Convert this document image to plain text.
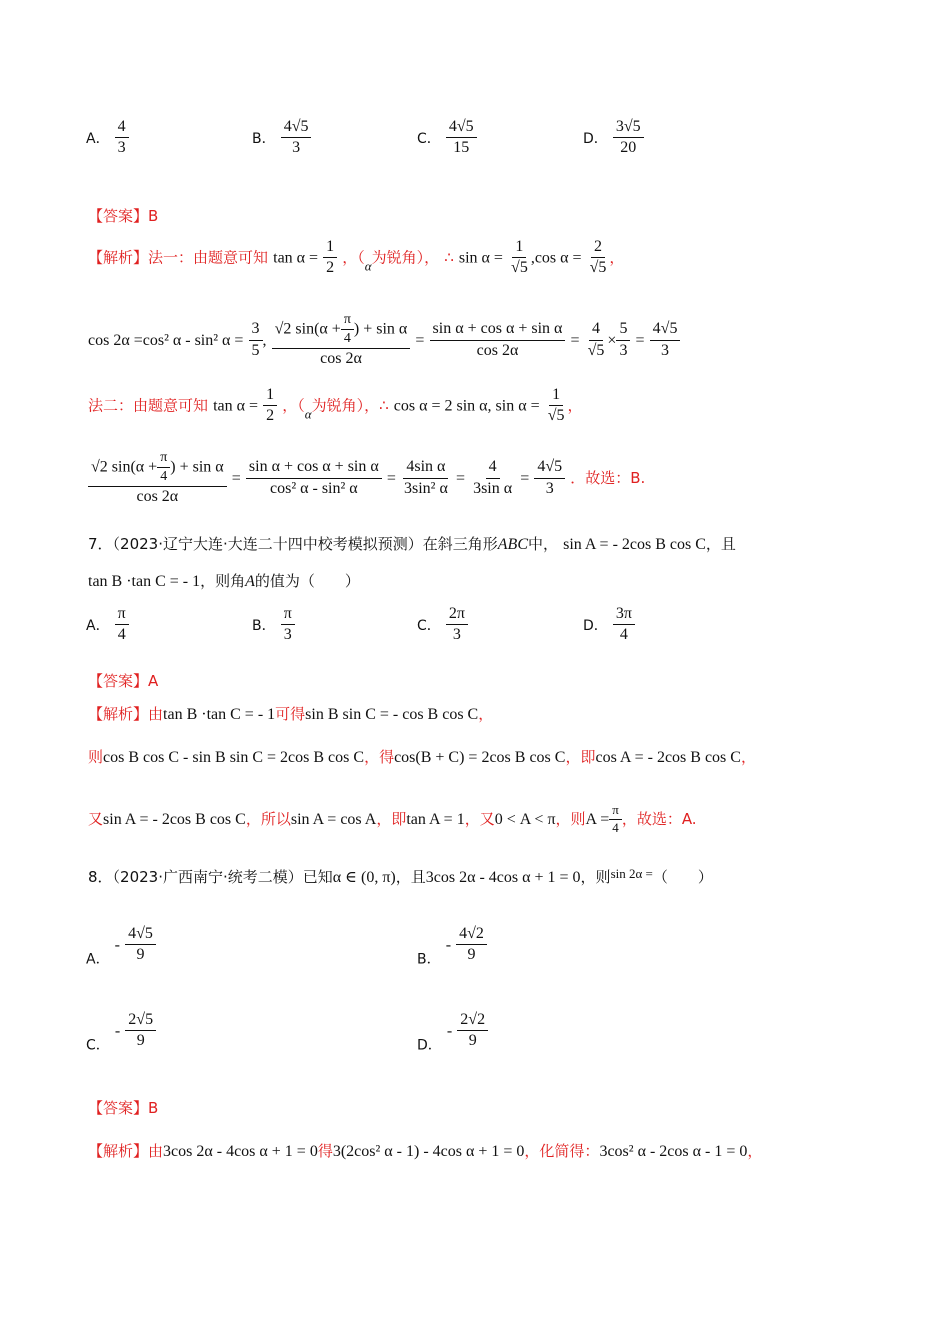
A． $\frac{4}{3}$	B． $\frac{4√5}{3}$	C． $\frac{4√5}{15}$	D． $\frac{3√5}{20}$
【答案】B
【解析】法一：由题意可知 $\tan \alpha = \frac{1}{2}$ ，（$_\alpha$为锐角）， ∴ $\sin \alpha = \frac{1}{√5} ,\cos$ $\alpha = \frac{2}{√5}$ ，
cos 2α =cos² α - sin² $\alpha = \frac{3}{5}$ , $\frac{√2 \sin(\alpha + \frac{\pi}{4} ) + \sin \alpha}{\cos 2\alpha} = \frac{\text{sin α + cos α + sin α}}{\cos 2\alpha} = \frac{4}{√5} \times \frac{5}{3} = \frac{4√5}{3}$
法二：由题意可知 $\tan \alpha = \frac{1}{2}$ ，（$_\alpha$为锐角），∴ cos α = 2 sin α, $\sin \alpha = \frac{1}{√5}$ ，
$\frac{√2 \sin(\alpha + \frac{\pi}{4} ) + \sin \alpha}{\cos 2\alpha} = \frac{\text{sin α + cos α + sin α}}{\text{cos² α - sin² α}} = \frac{\text{4sin α}}{\text{3sin² α}} = \frac{4}{\text{3sin α}} = \frac{4√5}{3}$ ．故选：B.
7．（2023·辽宁大连·大连二十四中校考模拟预测）在斜三角形ABC中， sin A = - 2cos B cos C，且
tan B ·tan C = - 1，则角A的值为（　　）
A． $\frac{\pi}{4}$	B． $\frac{\pi}{3}$	C． $\frac{2\pi}{3}$	D． $\frac{3\pi}{4}$
【答案】A
【解析】由tan B ·tan C = - 1可得sin B sin C = - cos B cos C，
则cos B cos C - sin B sin C = 2cos B cos C，得cos(B + C) = 2cos B cos C，即cos A = - 2cos B cos C，
又sin A = - 2cos B cos C，所以sin A = cos A，即tan A = 1，又0 < A < π，则$A = \frac{\pi}{4}$ ，故选：A.
8．（2023·广西南宁·统考二模）已知α ∈ (0, π)，且3cos 2α - 4cos α + 1 = 0，则$^{sin 2\alpha =}$（　　）
A． - $\frac{4√5}{9}$	B． - $\frac{4√2}{9}$
C． - $\frac{2√5}{9}$	D． - $\frac{2√2}{9}$
【答案】B
【解析】由3cos 2α - 4cos α + 1 = 0得3(2cos² α - 1) - 4cos α + 1 = 0，化简得：3cos² α - 2cos α - 1 = 0，
